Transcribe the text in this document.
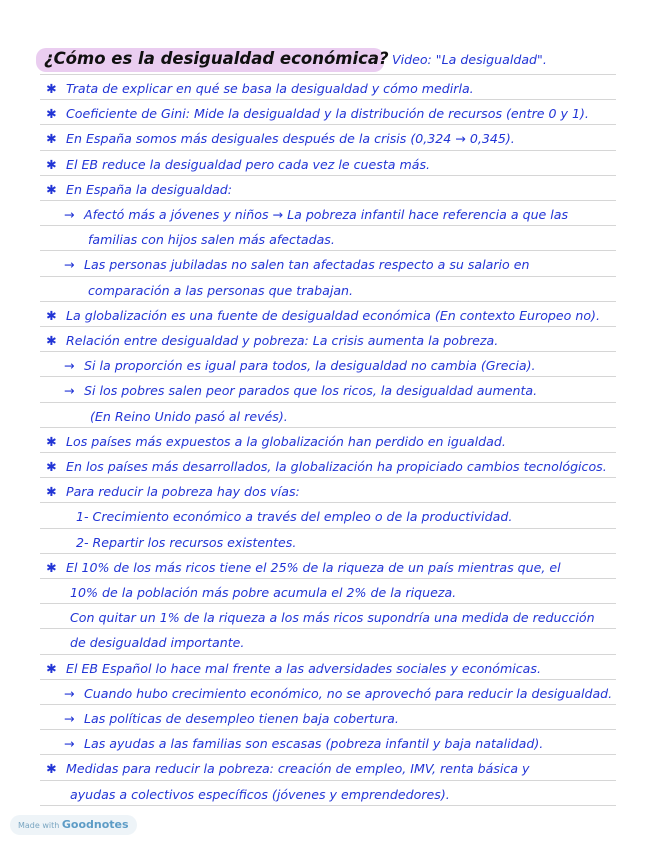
¿Cómo es la desigualdad económica? Video: "La desigualdad".
✱ Trata de explicar en qué se basa la desigualdad y cómo medirla.
✱ Coeficiente de Gini: Mide la desigualdad y la distribución de recursos (entre 0 y 1).
✱ En España somos más desiguales después de la crisis (0,324 → 0,345).
✱ El EB reduce la desigualdad pero cada vez le cuesta más.
✱ En España la desigualdad:
→ Afectó más a jóvenes y niños → La pobreza infantil hace referencia a que las
familias con hijos salen más afectadas.
→ Las personas jubiladas no salen tan afectadas respecto a su salario en
comparación a las personas que trabajan.
✱ La globalización es una fuente de desigualdad económica (En contexto Europeo no).
✱ Relación entre desigualdad y pobreza: La crisis aumenta la pobreza.
→ Si la proporción es igual para todos, la desigualdad no cambia (Grecia).
→ Si los pobres salen peor parados que los ricos, la desigualdad aumenta.
(En Reino Unido pasó al revés).
✱ Los países más expuestos a la globalización han perdido en igualdad.
✱ En los países más desarrollados, la globalización ha propiciado cambios tecnológicos.
✱ Para reducir la pobreza hay dos vías:
1- Crecimiento económico a través del empleo o de la productividad.
2- Repartir los recursos existentes.
✱ El 10% de los más ricos tiene el 25% de la riqueza de un país mientras que, el
10% de la población más pobre acumula el 2% de la riqueza.
Con quitar un 1% de la riqueza a los más ricos supondría una medida de reducción
de desigualdad importante.
✱ El EB Español lo hace mal frente a las adversidades sociales y económicas.
→ Cuando hubo crecimiento económico, no se aprovechó para reducir la desigualdad.
→ Las políticas de desempleo tienen baja cobertura.
→ Las ayudas a las familias son escasas (pobreza infantil y baja natalidad).
✱ Medidas para reducir la pobreza: creación de empleo, IMV, renta básica y
ayudas a colectivos específicos (jóvenes y emprendedores).
Made with Goodnotes
